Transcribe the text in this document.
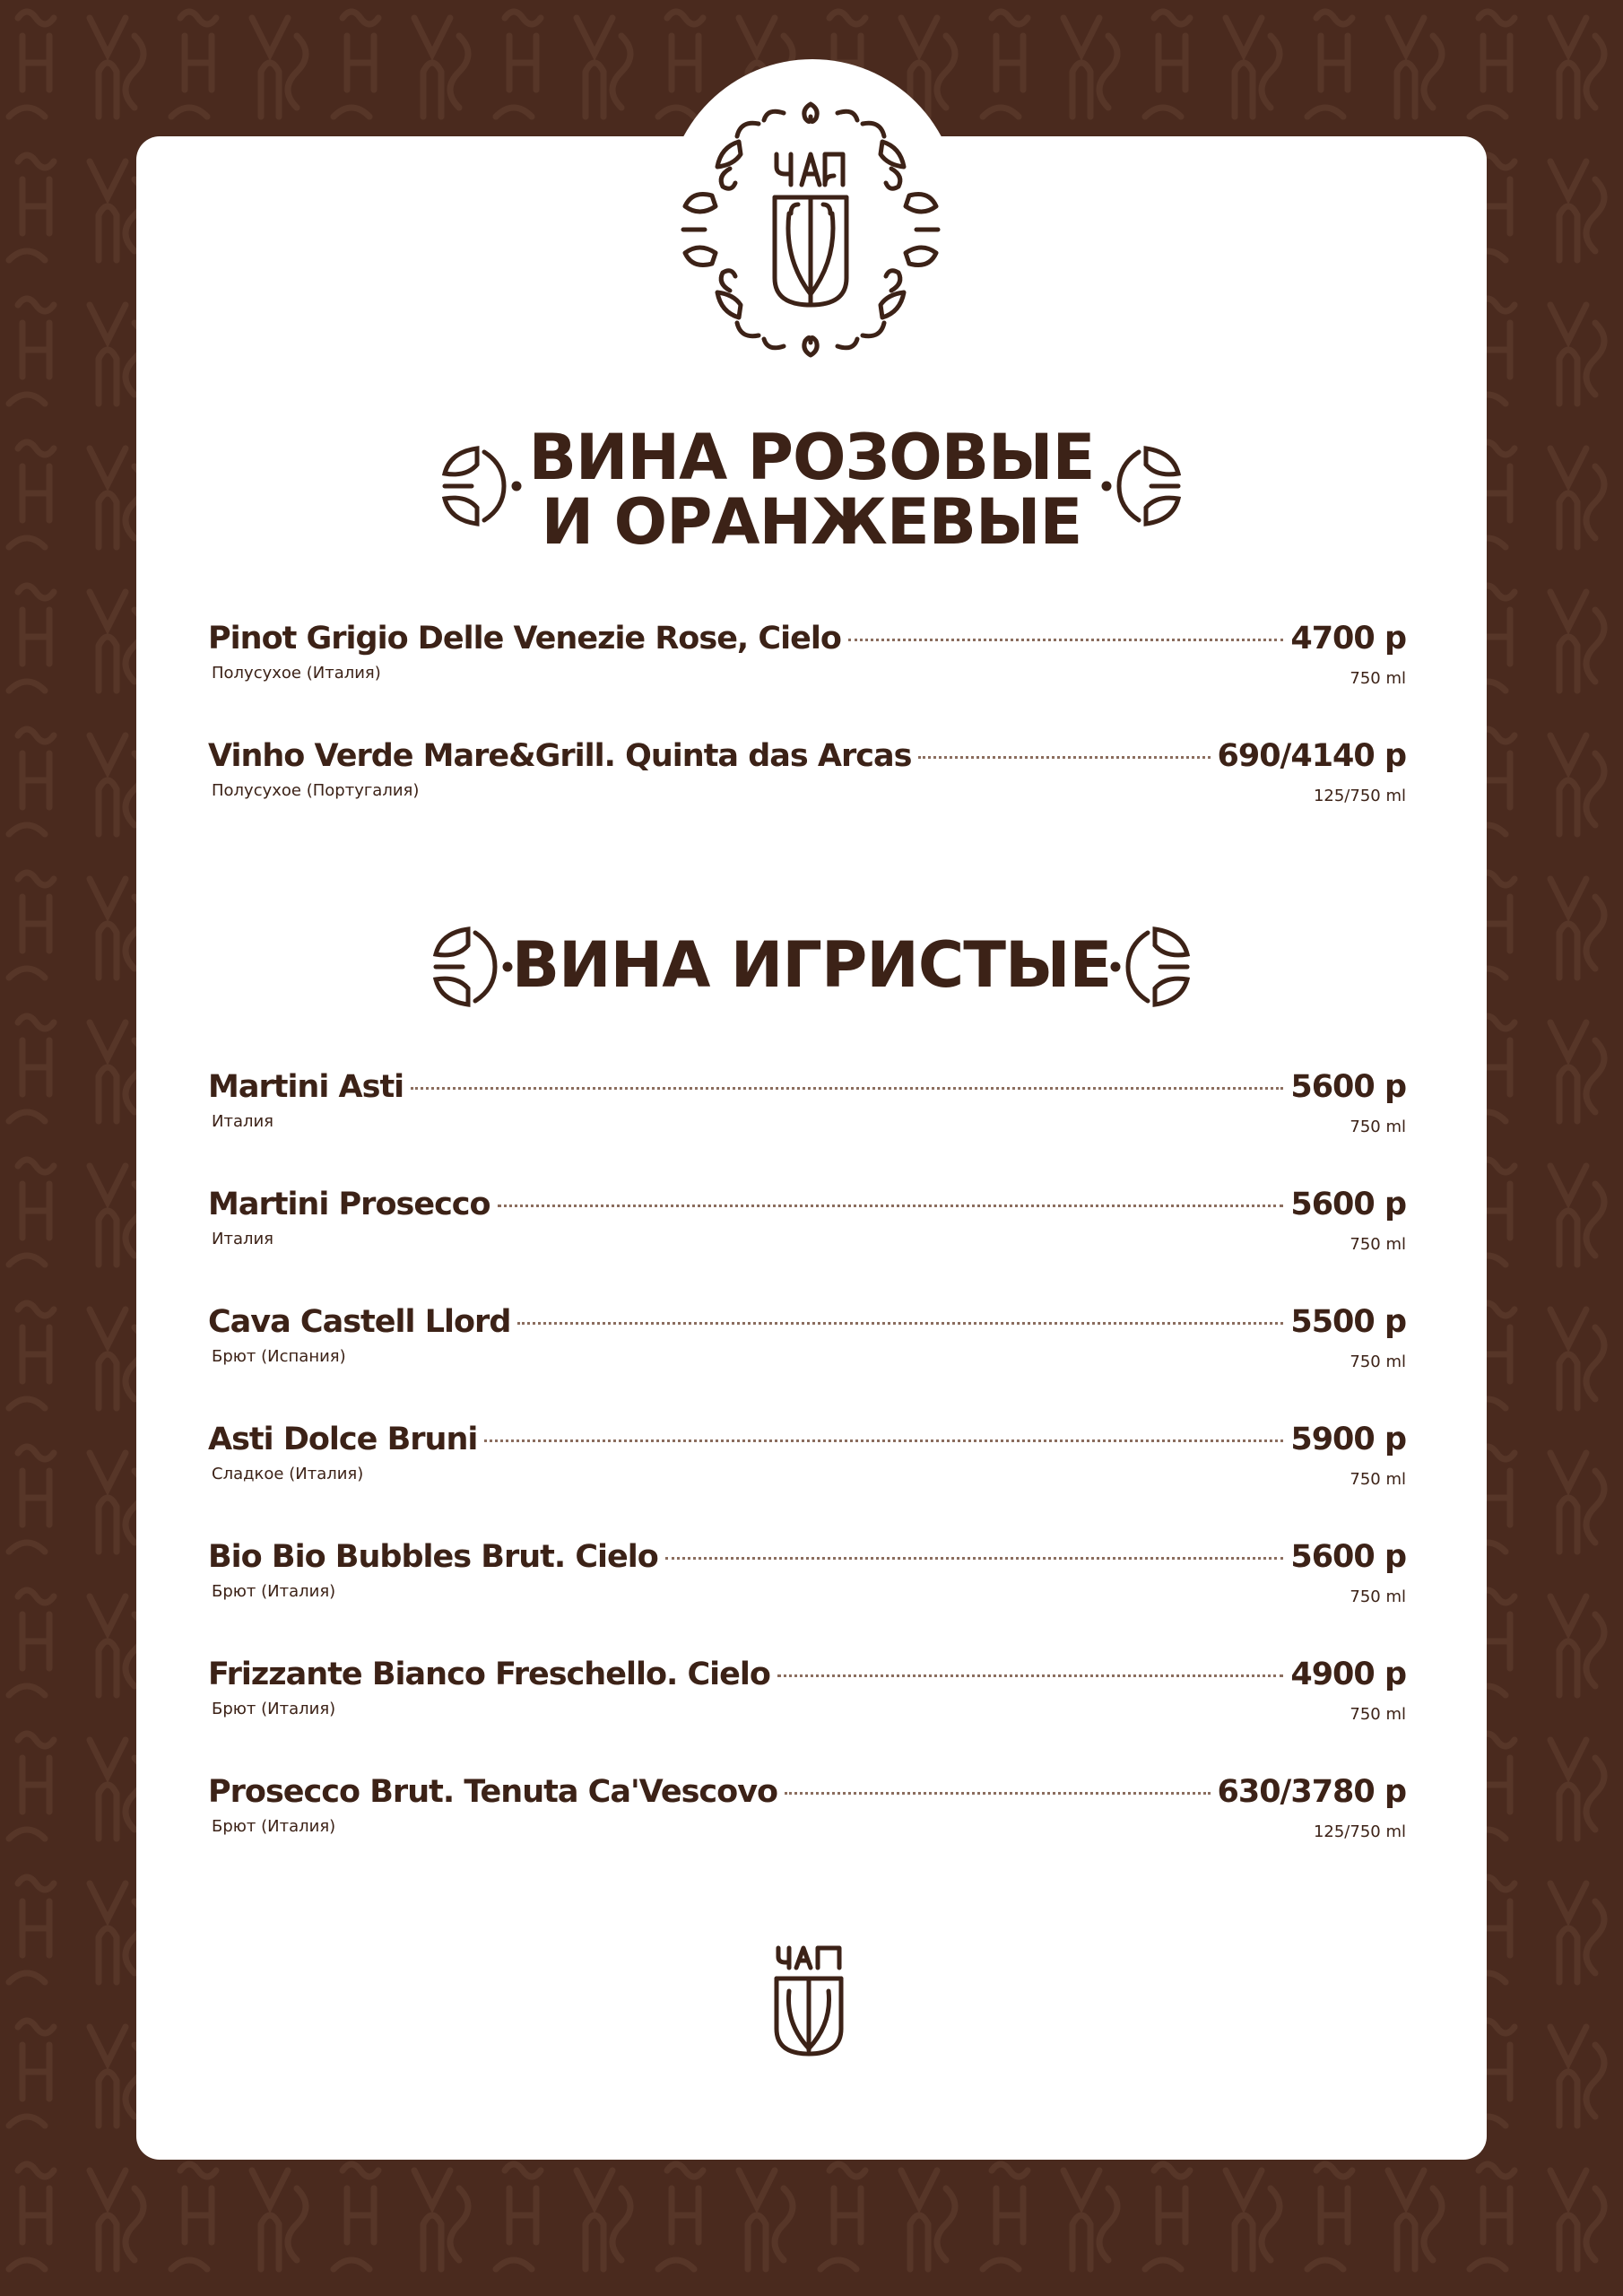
ВИНА РОЗОВЫЕ
И ОРАНЖЕВЫЕ
Pinot Grigio Delle Venezie Rose, Cielo	4700 р
Полусухое (Италия)	750 ml
Vinho Verde Mare&Grill. Quinta das Arcas	690/4140 р
Полусухое (Португалия)	125/750 ml
ВИНА ИГРИСТЫЕ
Martini Asti	5600 р
Италия	750 ml
Martini Prosecco	5600 р
Италия	750 ml
Cava Castell Llord	5500 р
Брют (Испания)	750 ml
Asti Dolce Bruni	5900 р
Сладкое (Италия)	750 ml
Bio Bio Bubbles Brut. Cielo	5600 р
Брют (Италия)	750 ml
Frizzante Bianco Freschello. Cielo	4900 р
Брют (Италия)	750 ml
Prosecco Brut. Tenuta Ca'Vescovo	630/3780 р
Брют (Италия)	125/750 ml
